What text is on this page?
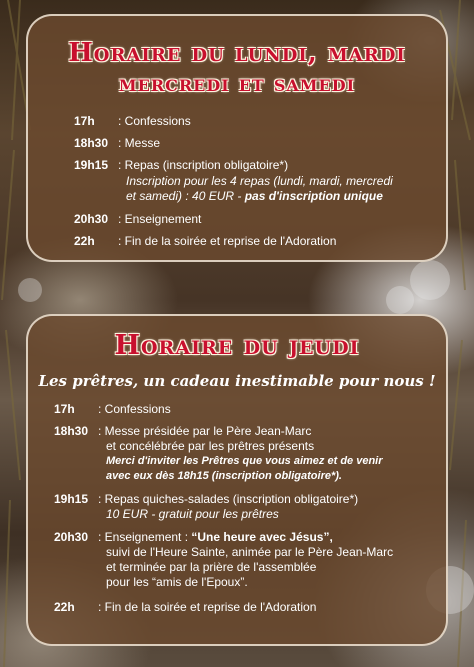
Horaire du lundi, mardi
mercredi et samedi
17h : Confessions
18h30 : Messe
19h15 : Repas (inscription obligatoire*)
Inscription pour les 4 repas (lundi, mardi, mercredi
et samedi) : 40 EUR - pas d'inscription unique
20h30 : Enseignement
22h : Fin de la soirée et reprise de l'Adoration
Horaire du jeudi
Les prêtres, un cadeau inestimable pour nous !
17h : Confessions
18h30 : Messe présidée par le Père Jean-Marc
et concélébrée par les prêtres présents
Merci d'inviter les Prêtres que vous aimez et de venir
avec eux dès 18h15 (inscription obligatoire*).
19h15 : Repas quiches-salades (inscription obligatoire*)
10 EUR - gratuit pour les prêtres
20h30 : Enseignement : “Une heure avec Jésus”,
suivi de l'Heure Sainte, animée par le Père Jean-Marc
et terminée par la prière de l'assemblée
pour les “amis de l'Epoux”.
22h : Fin de la soirée et reprise de l'Adoration
